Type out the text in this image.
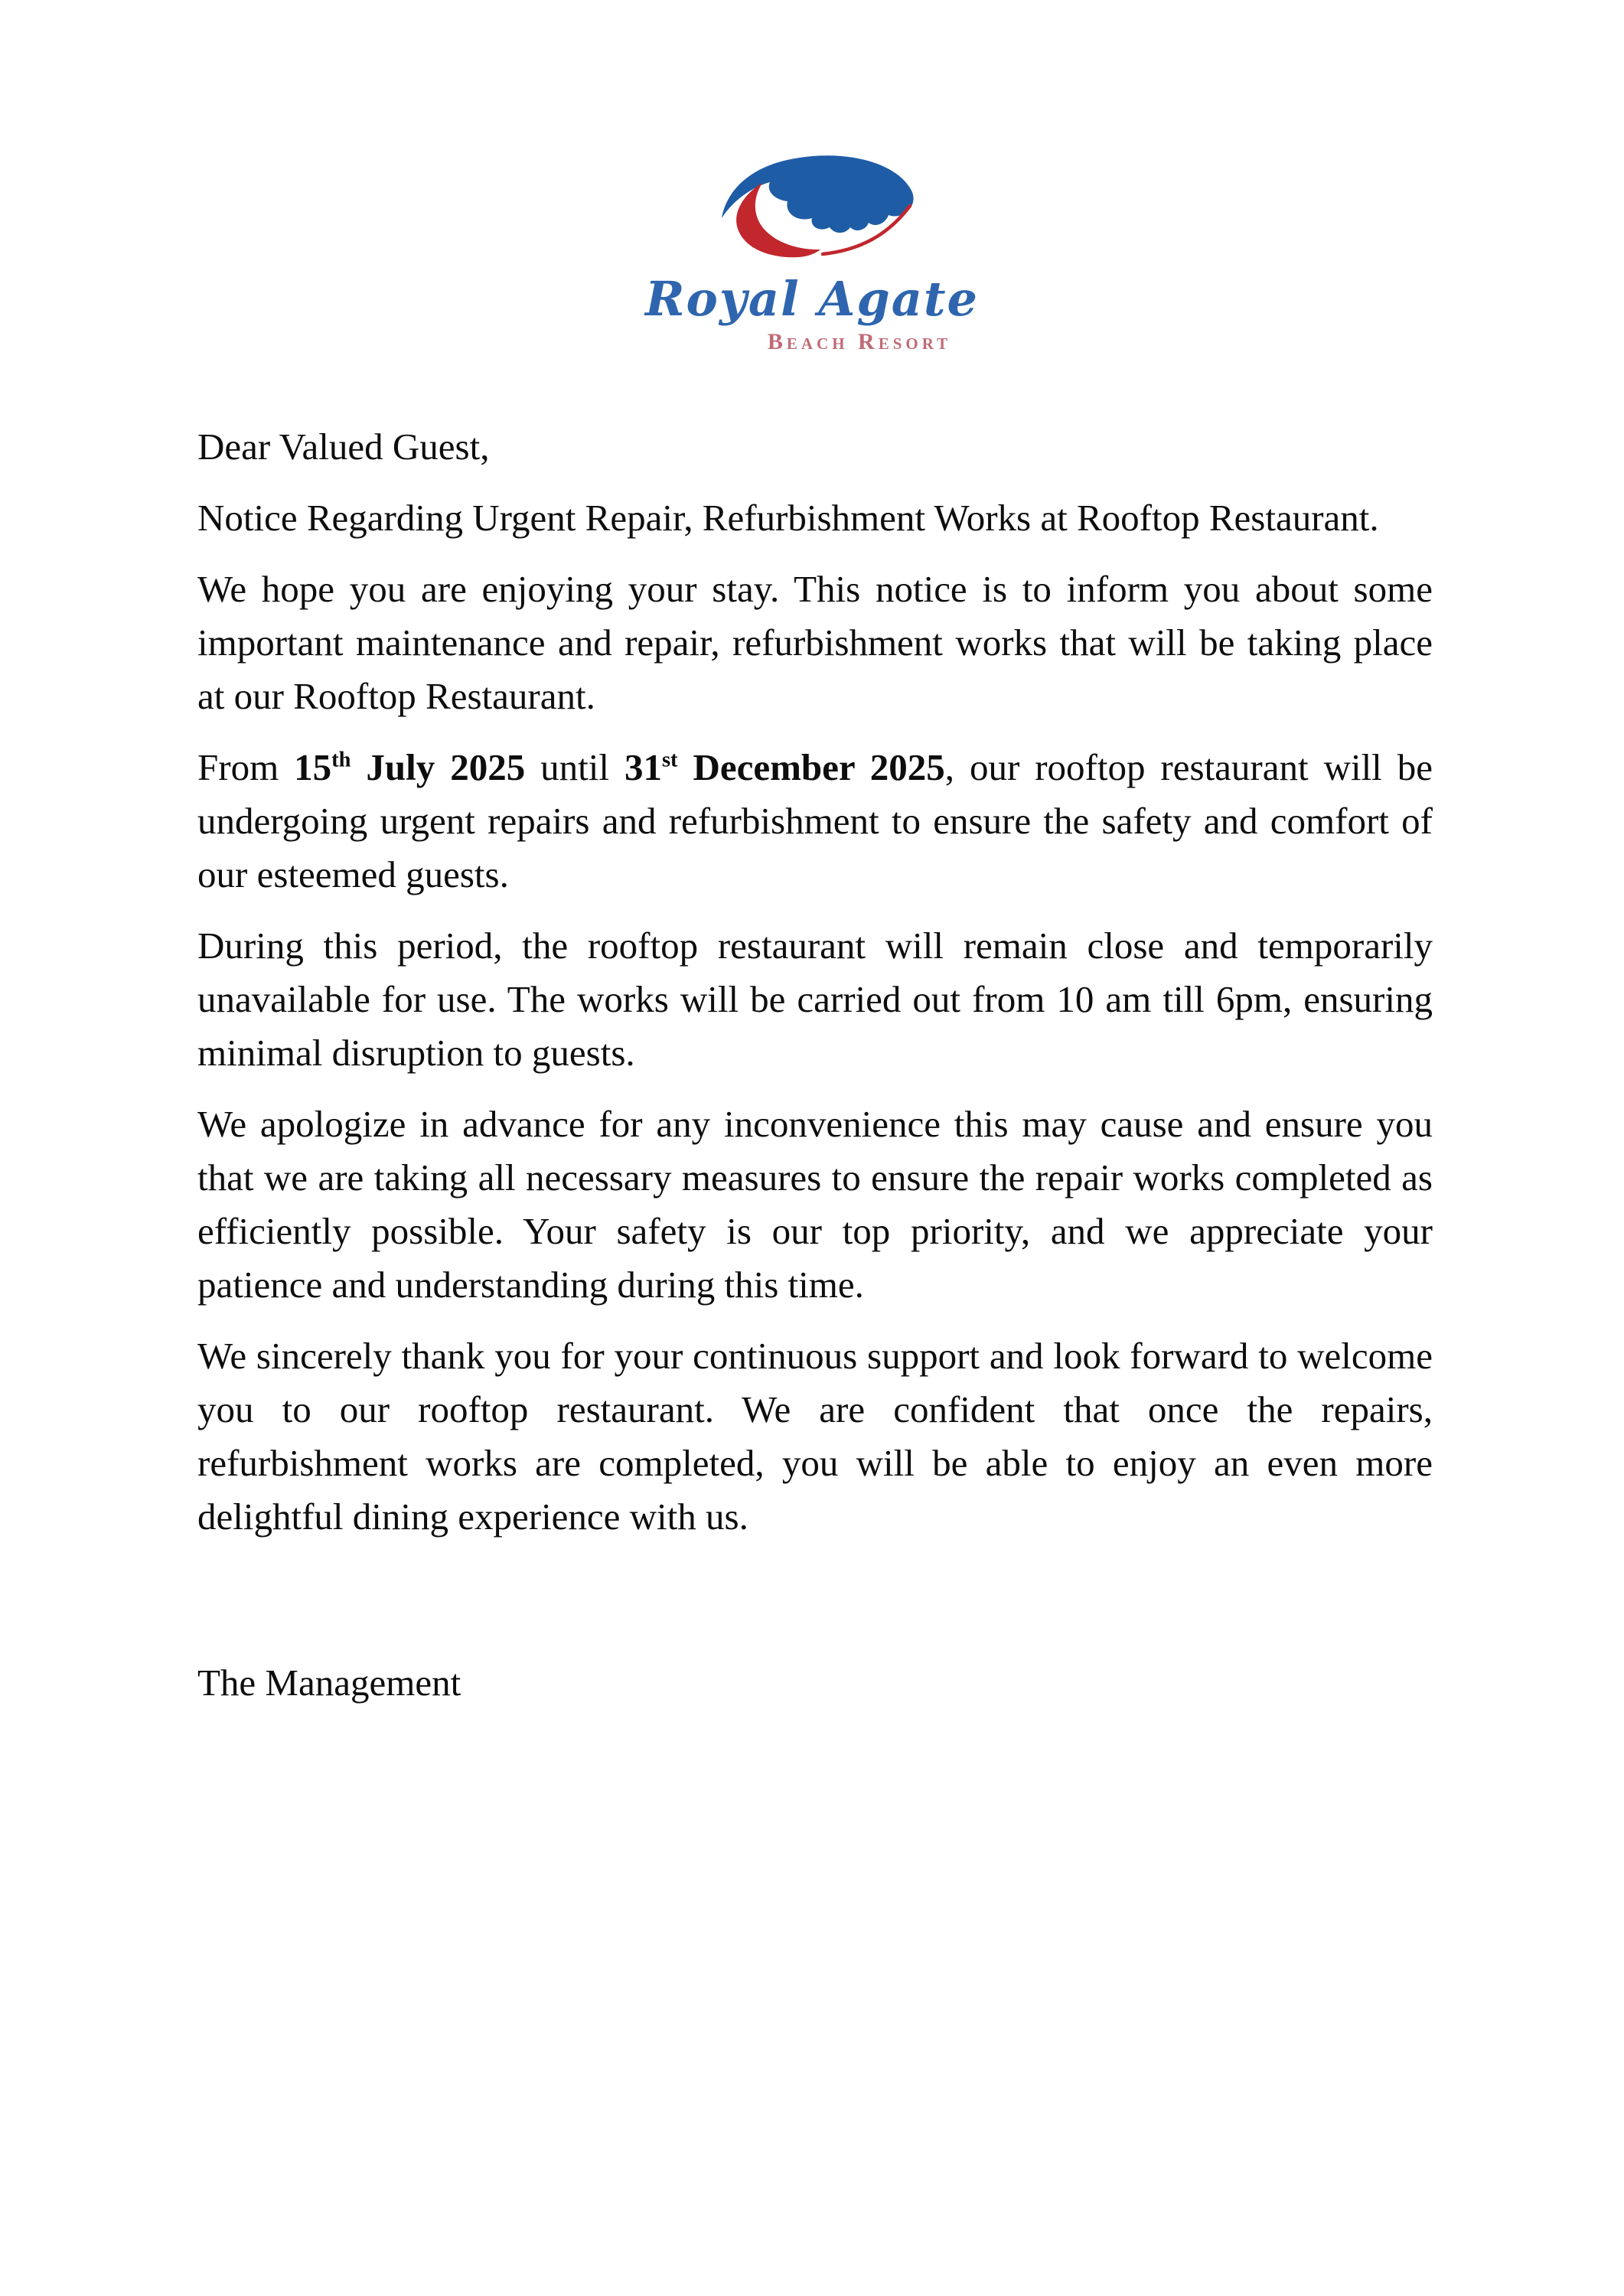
Royal Agate
Beach Resort

Dear Valued Guest,

Notice Regarding Urgent Repair, Refurbishment Works at Rooftop Restaurant.

We hope you are enjoying your stay. This notice is to inform you about some important maintenance and repair, refurbishment works that will be taking place at our Rooftop Restaurant.

From 15th July 2025 until 31st December 2025, our rooftop restaurant will be undergoing urgent repairs and refurbishment to ensure the safety and comfort of our esteemed guests.

During this period, the rooftop restaurant will remain close and temporarily unavailable for use. The works will be carried out from 10 am till 6pm, ensuring minimal disruption to guests.

We apologize in advance for any inconvenience this may cause and ensure you that we are taking all necessary measures to ensure the repair works completed as efficiently possible. Your safety is our top priority, and we appreciate your patience and understanding during this time.

We sincerely thank you for your continuous support and look forward to welcome you to our rooftop restaurant. We are confident that once the repairs, refurbishment works are completed, you will be able to enjoy an even more delightful dining experience with us.

The Management
